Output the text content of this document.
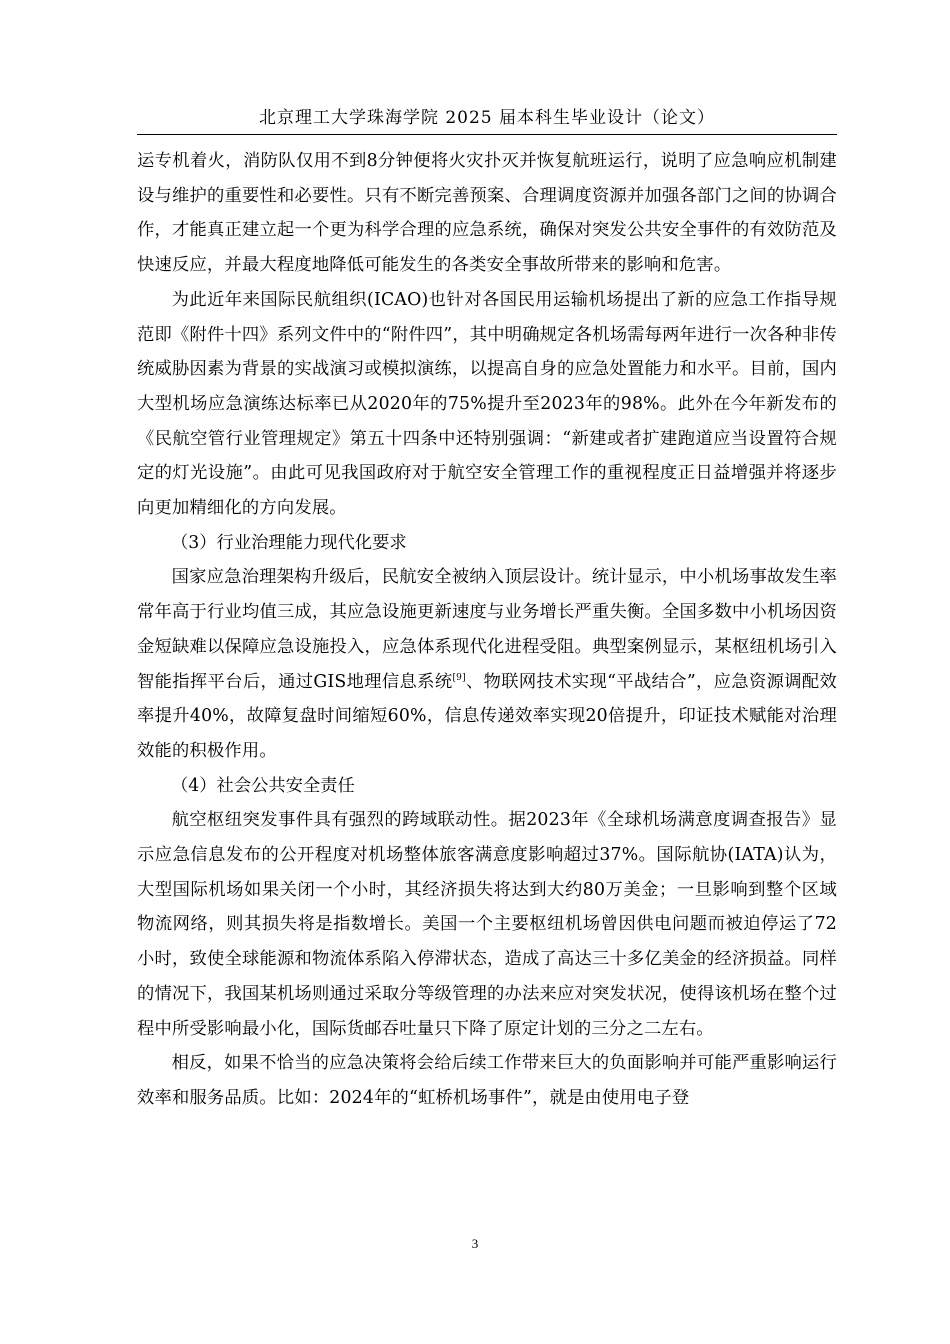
北京理工大学珠海学院 2025 届本科生毕业设计（论文）

运专机着火，消防队仅用不到8分钟便将火灾扑灭并恢复航班运行，说明了应急响应机制建设与维护的重要性和必要性。只有不断完善预案、合理调度资源并加强各部门之间的协调合作，才能真正建立起一个更为科学合理的应急系统，确保对突发公共安全事件的有效防范及快速反应，并最大程度地降低可能发生的各类安全事故所带来的影响和危害。

为此近年来国际民航组织(ICAO)也针对各国民用运输机场提出了新的应急工作指导规范即《附件十四》系列文件中的“附件四”，其中明确规定各机场需每两年进行一次各种非传统威胁因素为背景的实战演习或模拟演练，以提高自身的应急处置能力和水平。目前，国内大型机场应急演练达标率已从2020年的75%提升至2023年的98%。此外在今年新发布的《民航空管行业管理规定》第五十四条中还特别强调：“新建或者扩建跑道应当设置符合规定的灯光设施”。由此可见我国政府对于航空安全管理工作的重视程度正日益增强并将逐步向更加精细化的方向发展。

（3）行业治理能力现代化要求

国家应急治理架构升级后，民航安全被纳入顶层设计。统计显示，中小机场事故发生率常年高于行业均值三成，其应急设施更新速度与业务增长严重失衡。全国多数中小机场因资金短缺难以保障应急设施投入，应急体系现代化进程受阻。典型案例显示，某枢纽机场引入智能指挥平台后，通过GIS地理信息系统[9]、物联网技术实现“平战结合”，应急资源调配效率提升40%，故障复盘时间缩短60%，信息传递效率实现20倍提升，印证技术赋能对治理效能的积极作用。

（4）社会公共安全责任

航空枢纽突发事件具有强烈的跨域联动性。据2023年《全球机场满意度调查报告》显示应急信息发布的公开程度对机场整体旅客满意度影响超过37%。国际航协(IATA)认为，大型国际机场如果关闭一个小时，其经济损失将达到大约80万美金；一旦影响到整个区域物流网络，则其损失将是指数增长。美国一个主要枢纽机场曾因供电问题而被迫停运了72小时，致使全球能源和物流体系陷入停滞状态，造成了高达三十多亿美金的经济损益。同样的情况下，我国某机场则通过采取分等级管理的办法来应对突发状况，使得该机场在整个过程中所受影响最小化，国际货邮吞吐量只下降了原定计划的三分之二左右。

相反，如果不恰当的应急决策将会给后续工作带来巨大的负面影响并可能严重影响运行效率和服务品质。比如：2024年的“虹桥机场事件”，就是由使用电子登

3
